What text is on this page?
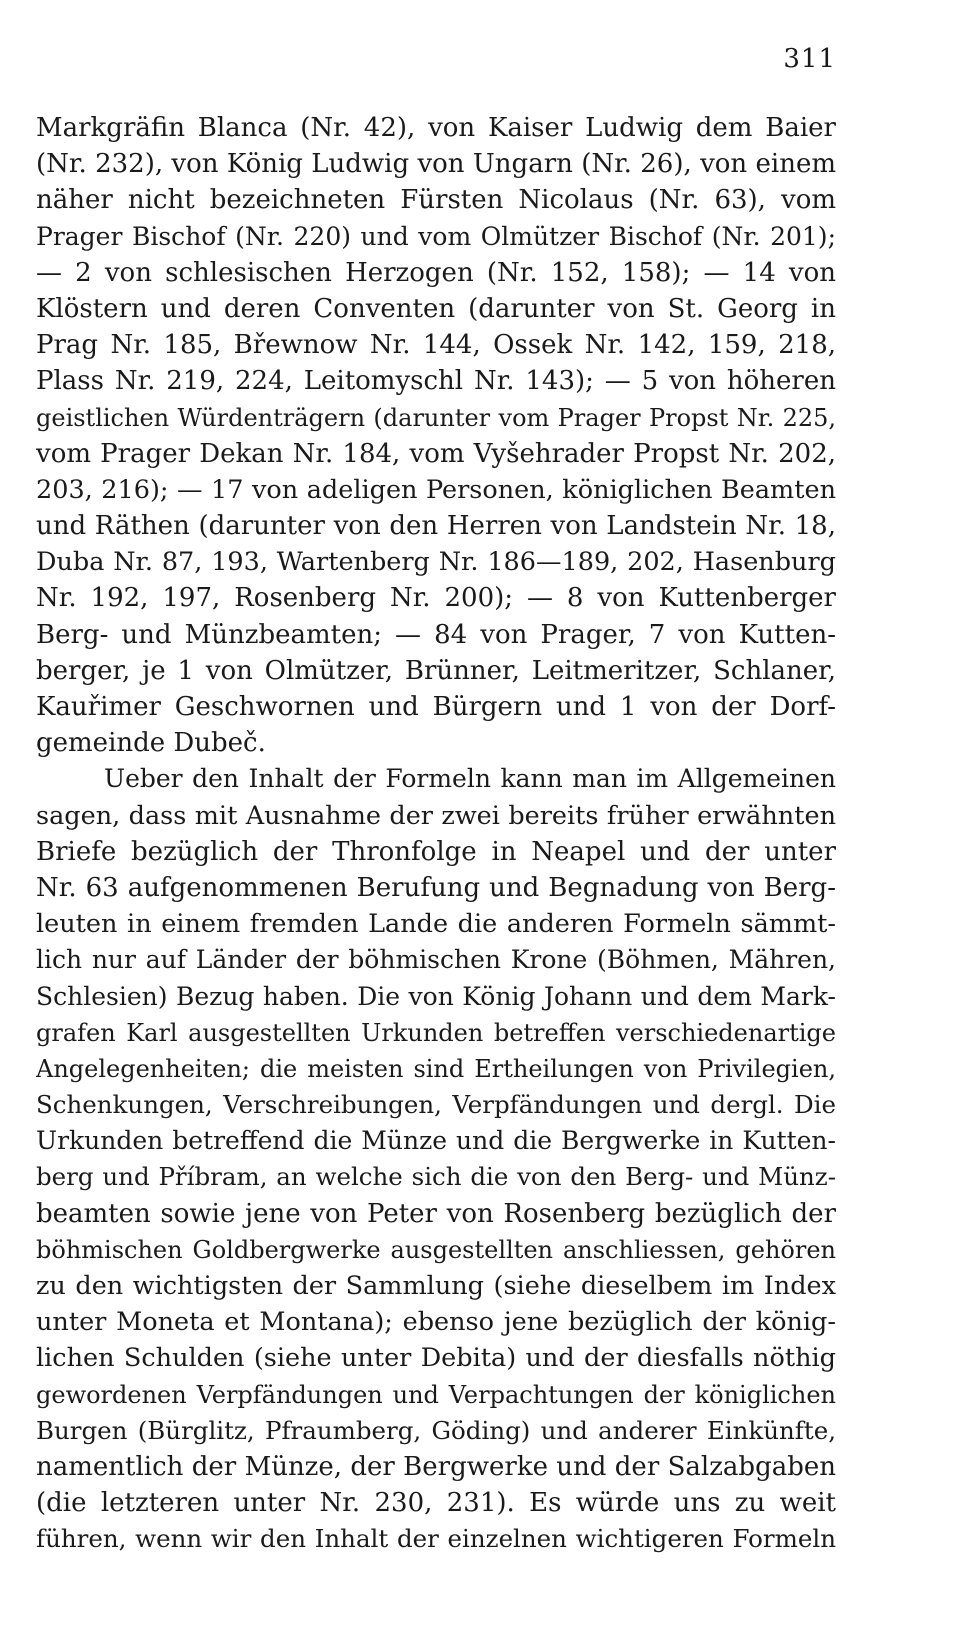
311
Markgräfin Blanca (Nr. 42), von Kaiser Ludwig dem Baier
(Nr. 232), von König Ludwig von Ungarn (Nr. 26), von einem
näher nicht bezeichneten Fürsten Nicolaus (Nr. 63), vom
Prager Bischof (Nr. 220) und vom Olmützer Bischof (Nr. 201);
— 2 von schlesischen Herzogen (Nr. 152, 158); — 14 von
Klöstern und deren Conventen (darunter von St. Georg in
Prag Nr. 185, Břewnow Nr. 144, Ossek Nr. 142, 159, 218,
Plass Nr. 219, 224, Leitomyschl Nr. 143); — 5 von höheren
geistlichen Würdenträgern (darunter vom Prager Propst Nr. 225,
vom Prager Dekan Nr. 184, vom Vyšehrader Propst Nr. 202,
203, 216); — 17 von adeligen Personen, königlichen Beamten
und Räthen (darunter von den Herren von Landstein Nr. 18,
Duba Nr. 87, 193, Wartenberg Nr. 186—189, 202, Hasenburg
Nr. 192, 197, Rosenberg Nr. 200); — 8 von Kuttenberger
Berg- und Münzbeamten; — 84 von Prager, 7 von Kutten-
berger, je 1 von Olmützer, Brünner, Leitmeritzer, Schlaner,
Kauřimer Geschwornen und Bürgern und 1 von der Dorf-
gemeinde Dubeč.
Ueber den Inhalt der Formeln kann man im Allgemeinen
sagen, dass mit Ausnahme der zwei bereits früher erwähnten
Briefe bezüglich der Thronfolge in Neapel und der unter
Nr. 63 aufgenommenen Berufung und Begnadung von Berg-
leuten in einem fremden Lande die anderen Formeln sämmt-
lich nur auf Länder der böhmischen Krone (Böhmen, Mähren,
Schlesien) Bezug haben. Die von König Johann und dem Mark-
grafen Karl ausgestellten Urkunden betreffen verschiedenartige
Angelegenheiten; die meisten sind Ertheilungen von Privilegien,
Schenkungen, Verschreibungen, Verpfändungen und dergl. Die
Urkunden betreffend die Münze und die Bergwerke in Kutten-
berg und Příbram, an welche sich die von den Berg- und Münz-
beamten sowie jene von Peter von Rosenberg bezüglich der
böhmischen Goldbergwerke ausgestellten anschliessen, gehören
zu den wichtigsten der Sammlung (siehe dieselbem im Index
unter Moneta et Montana); ebenso jene bezüglich der könig-
lichen Schulden (siehe unter Debita) und der diesfalls nöthig
gewordenen Verpfändungen und Verpachtungen der königlichen
Burgen (Bürglitz, Pfraumberg, Göding) und anderer Einkünfte,
namentlich der Münze, der Bergwerke und der Salzabgaben
(die letzteren unter Nr. 230, 231). Es würde uns zu weit
führen, wenn wir den Inhalt der einzelnen wichtigeren Formeln
